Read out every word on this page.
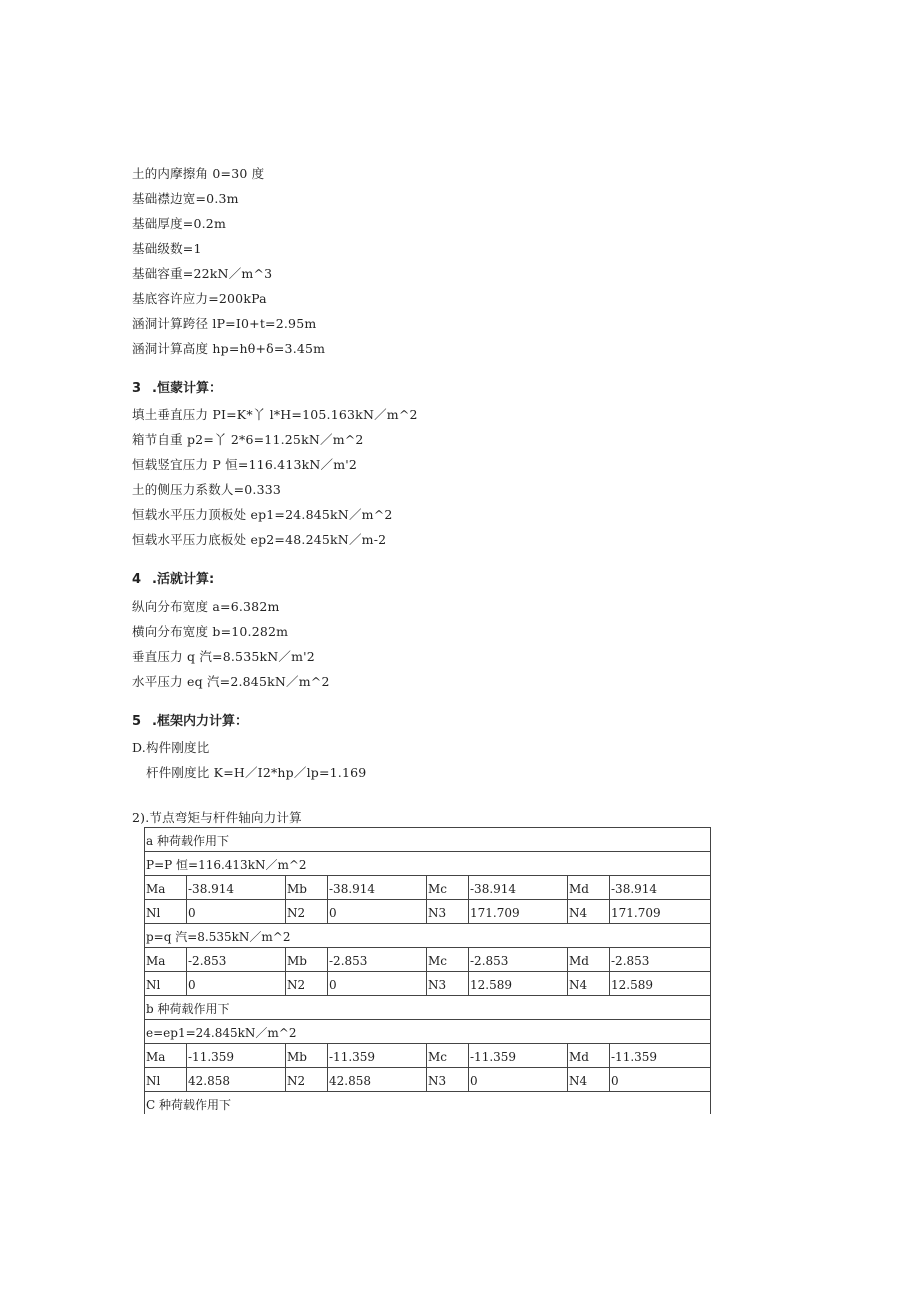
土的内摩擦角 0=30 度
基础襟边宽=0.3m
基础厚度=0.2m
基础级数=1
基础容重=22kN／m^3
基底容许应力=200kPa
涵洞计算跨径 lP=I0+t=2.95m
涵洞计算高度 hp=hθ+δ=3.45m
3 .恒蒙计算：
填土垂直压力 PI=K*丫 l*H=105.163kN／m^2
箱节自重 p2=丫 2*6=11.25kN／m^2
恒载竖宜压力 P 恒=116.413kN／m'2
土的侧压力系数人=0.333
恒载水平压力顶板处 ep1=24.845kN／m^2
恒载水平压力底板处 ep2=48.245kN／m-2
4 .活就计算:
纵向分布宽度 a=6.382m
横向分布宽度 b=10.282m
垂直压力 q 汽=8.535kN／m'2
水平压力 eq 汽=2.845kN／m^2
5 .框架内力计算：
D.构件刚度比
杆件刚度比 K=H／I2*hp／lp=1.169
2).节点弯矩与杆件轴向力计算
a 种荷载作用下
P=P 恒=116.413kN／m^2
Ma	-38.914	Mb	-38.914	Mc	-38.914	Md	-38.914
Nl	0	N2	0	N3	171.709	N4	171.709
p=q 汽=8.535kN／m^2
Ma	-2.853	Mb	-2.853	Mc	-2.853	Md	-2.853
Nl	0	N2	0	N3	12.589	N4	12.589
b 种荷载作用下
e=ep1=24.845kN／m^2
Ma	-11.359	Mb	-11.359	Mc	-11.359	Md	-11.359
Nl	42.858	N2	42.858	N3	0	N4	0
C 种荷载作用下
